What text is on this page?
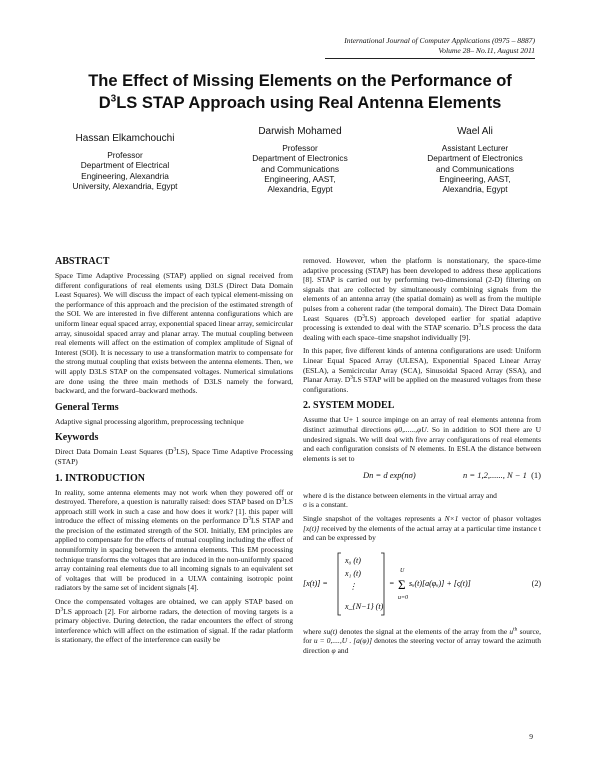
International Journal of Computer Applications (0975 – 8887)
Volume 28– No.11, August 2011
The Effect of Missing Elements on the Performance of
$D^3LS$ STAP Approach using Real Antenna Elements
Hassan Elkamchouchi
Professor
Department of Electrical
Engineering, Alexandria
University, Alexandria, Egypt
Darwish Mohamed
Professor
Department of Electronics
and Communications
Engineering, AAST,
Alexandria, Egypt
Wael Ali
Assistant Lecturer
Department of Electronics
and Communications
Engineering, AAST,
Alexandria, Egypt
ABSTRACT

Space Time Adaptive Processing (STAP) applied on signal received from different configurations of real elements using D3LS (Direct Data Domain Least Squares). We will discuss the impact of each typical element-missing on the performance of this approach and the precision of the estimated strength of the SOI. We are interested in five different antenna configurations which are uniform linear equal spaced array, exponential spaced linear array, semicircular array, sinusoidal spaced array and planar array. The mutual coupling between real elements will affect on the estimation of complex amplitude of Signal of Interest (SOI). It is necessary to use a transformation matrix to compensate for the strong mutual coupling that exists between the antenna elements. Then, we will apply D3LS STAP on the compensated voltages. Numerical simulations are done using the three main methods of D3LS namely the forward, backward, and the forward–backward methods.

General Terms

Adaptive signal processing algorithm, preprocessing technique

Keywords

Direct Data Domain Least Squares $(D^3LS)$, Space Time Adaptive Processing (STAP)

1. INTRODUCTION

In reality, some antenna elements may not work when they powered off or destroyed. Therefore, a question is naturally raised: does STAP based on $D^3LS$ approach still work in such a case and how does it work? [1]. this paper will introduce the effect of missing elements on the performance $D^3LS$ STAP and the precision of the estimated strength of the SOI. Initially, EM principles are applied to compensate for the effects of mutual coupling including the effect of nonuniformity in spacing between the antenna elements. This EM processing technique transforms the voltages that are induced in the non-uniformly spaced array containing real elements due to all incoming signals to an equivalent set of voltages that will be produced in a ULVA containing isotropic point radiators by the same set of incident signals [4].

Once the compensated voltages are obtained, we can apply STAP based on $D^3LS$ approach [2]. For airborne radars, the detection of moving targets is a primary objective. During detection, the radar encounters the effect of strong interference which will affect on the estimation of signal. If the radar platform is stationary, the effect of the interference can easily be

removed. However, when the platform is nonstationary, the space-time adaptive processing (STAP) has been developed to address these applications [8]. STAP is carried out by performing two-dimensional (2-D) filtering on signals that are collected by simultaneously combining signals from the elements of an antenna array (the spatial domain) as well as from the multiple pulses from a coherent radar (the temporal domain). The Direct Data Domain Least Squares $(D^3LS)$ approach developed earlier for spatial adaptive processing is extended to deal with the STAP scenario. $D^3LS$ process the data dealing with each space–time snapshot individually [9].

In this paper, five different kinds of antenna configurations are used: Uniform Linear Equal Spaced Array (ULESA), Exponential Spaced Linear Array (ESLA), a Semicircular Array (SCA), Sinusoidal Spaced Array (SSA), and Planar Array. $D^3LS$ STAP will be applied on the measured voltages from these configurations.

2. SYSTEM MODEL

Assume that U+ 1 source impinge on an array of real elements antenna from distinct azimuthal directions φ0,......,φU. So in addition to SOI there are U undesired signals. We will deal with five array configurations of real elements and each configuration consists of N elements. In ESLA the distance between elements is set to

Dn = d exp(nσ)	n = 1,2,......, N − 1 (1)

where d is the distance between elements in the virtual array and
σ is a constant.

Single snapshot of the voltages represents a N×1 vector of phasor voltages [x(t)] received by the elements of the actual array at a particular time instance t and can be expressed by

[x(t)] =
x₀ (t)
x₁ (t)
⋮
x_{N−1} (t)
=
U
Σ
u=0
sᵤ(t)[a(φᵤ)] + [ς(t)]	(2)

where su(t) denotes the signal at the elements of the array from the $u^{th}$ source, for u = 0,....,U . [a(φ)] denotes the steering vector of array toward the azimuth direction φ and

9
